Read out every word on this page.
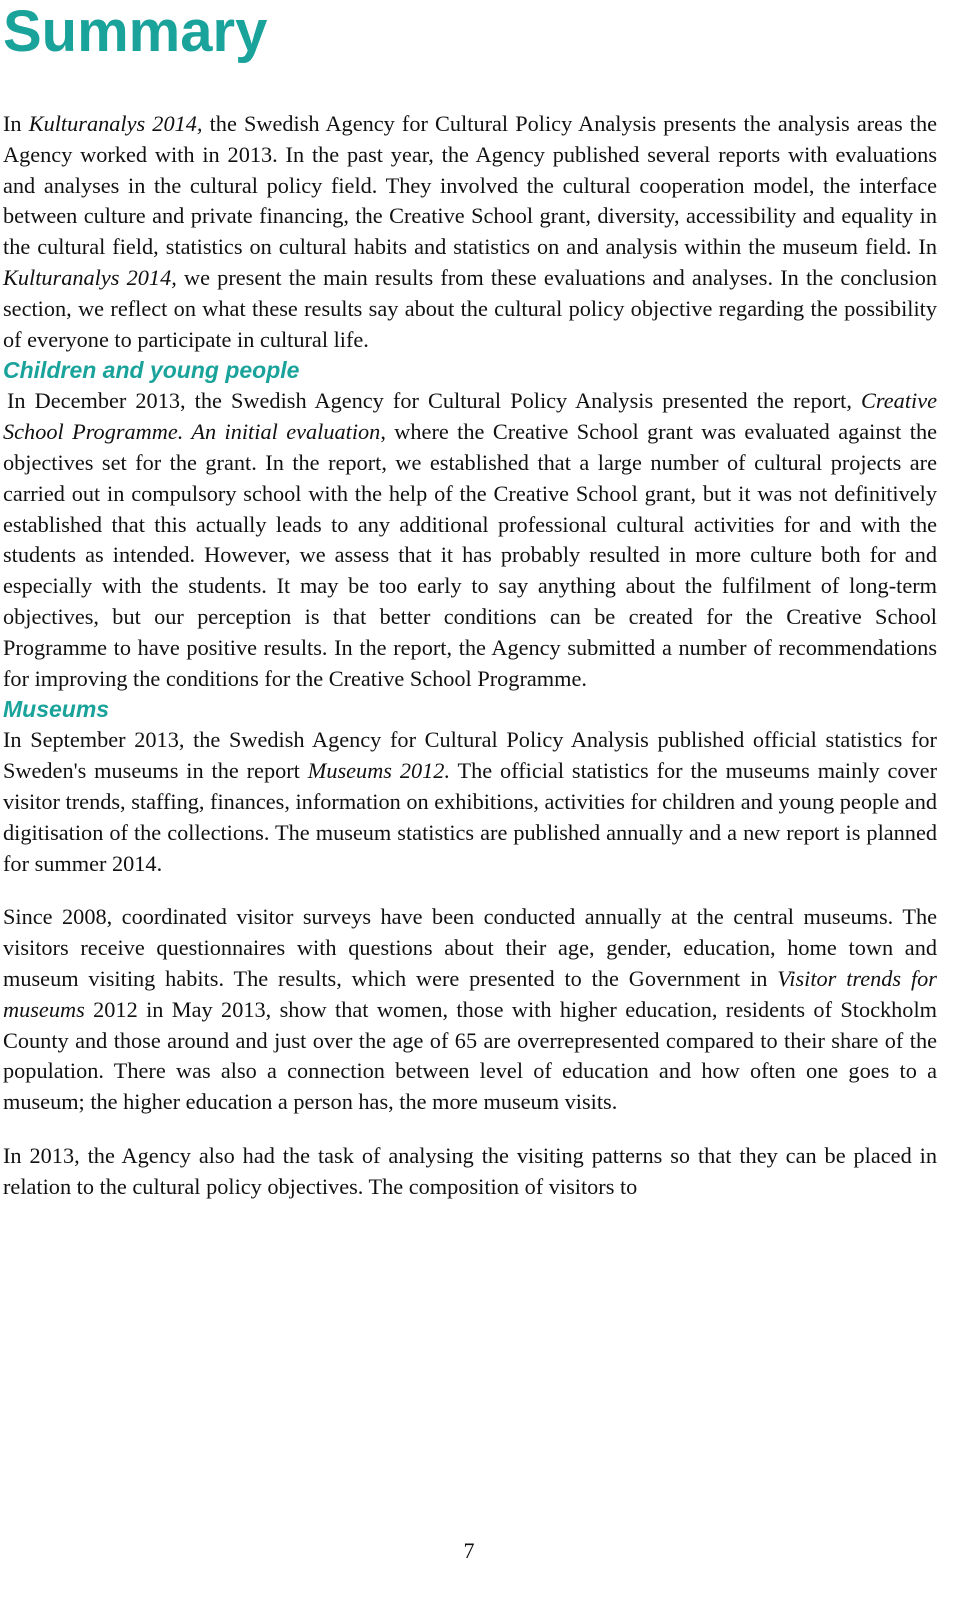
Summary

In Kulturanalys 2014, the Swedish Agency for Cultural Policy Analysis presents the analysis areas the Agency worked with in 2013. In the past year, the Agency published several reports with evaluations and analyses in the cultural policy field. They involved the cultural cooperation model, the interface between culture and private financing, the Creative School grant, diversity, accessibility and equality in the cultural field, statistics on cultural habits and statistics on and analysis within the museum field. In Kulturanalys 2014, we present the main results from these evaluations and analyses. In the conclusion section, we reflect on what these results say about the cultural policy objective regarding the possibility of everyone to participate in cultural life.

Children and young people

In December 2013, the Swedish Agency for Cultural Policy Analysis presented the report, Creative School Programme. An initial evaluation, where the Creative School grant was evaluated against the objectives set for the grant. In the report, we established that a large number of cultural projects are carried out in compulsory school with the help of the Creative School grant, but it was not definitively established that this actually leads to any additional professional cultural activities for and with the students as intended. However, we assess that it has probably resulted in more culture both for and especially with the students. It may be too early to say anything about the fulfilment of long-term objectives, but our perception is that better conditions can be created for the Creative School Programme to have positive results. In the report, the Agency submitted a number of recommendations for improving the conditions for the Creative School Programme.

Museums

In September 2013, the Swedish Agency for Cultural Policy Analysis published official statistics for Sweden's museums in the report Museums 2012. The official statistics for the museums mainly cover visitor trends, staffing, finances, information on exhibitions, activities for children and young people and digitisation of the collections. The museum statistics are published annually and a new report is planned for summer 2014.

Since 2008, coordinated visitor surveys have been conducted annually at the central museums. The visitors receive questionnaires with questions about their age, gender, education, home town and museum visiting habits. The results, which were presented to the Government in Visitor trends for museums 2012 in May 2013, show that women, those with higher education, residents of Stockholm County and those around and just over the age of 65 are overrepresented compared to their share of the population. There was also a connection between level of education and how often one goes to a museum; the higher education a person has, the more museum visits.

In 2013, the Agency also had the task of analysing the visiting patterns so that they can be placed in relation to the cultural policy objectives. The composition of visitors to

7
